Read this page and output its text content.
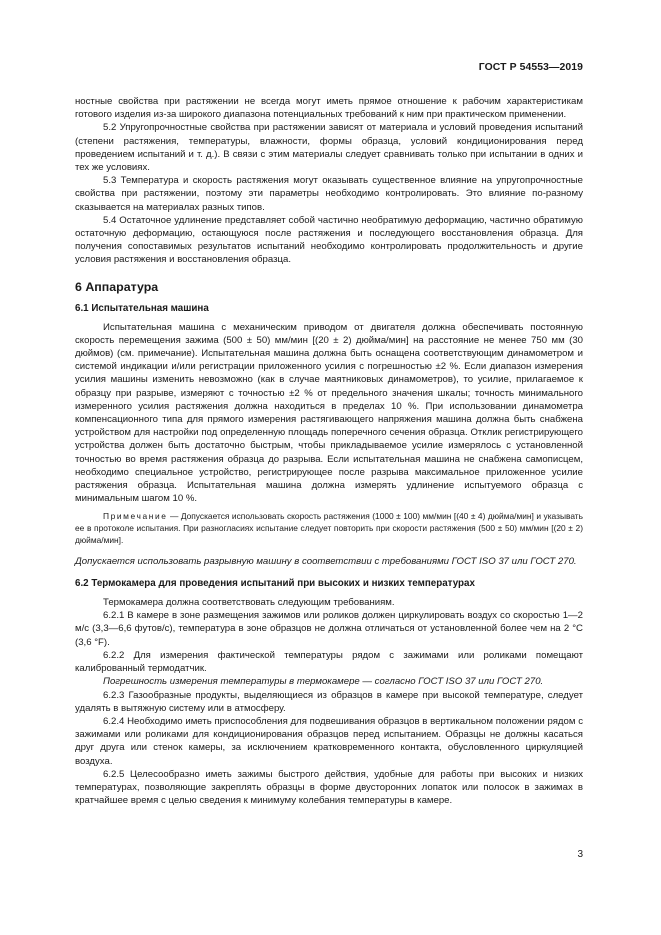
ГОСТ Р 54553—2019

ностные свойства при растяжении не всегда могут иметь прямое отношение к рабочим характеристикам готового изделия из-за широкого диапазона потенциальных требований к ним при практическом применении.

5.2 Упругопрочностные свойства при растяжении зависят от материала и условий проведения испытаний (степени растяжения, температуры, влажности, формы образца, условий кондиционирования перед проведением испытаний и т. д.). В связи с этим материалы следует сравнивать только при испытании в одних и тех же условиях.

5.3 Температура и скорость растяжения могут оказывать существенное влияние на упругопрочностные свойства при растяжении, поэтому эти параметры необходимо контролировать. Это влияние по-разному сказывается на материалах разных типов.

5.4 Остаточное удлинение представляет собой частично необратимую деформацию, частично обратимую остаточную деформацию, остающуюся после растяжения и последующего восстановления образца. Для получения сопоставимых результатов испытаний необходимо контролировать продолжительность и другие условия растяжения и восстановления образца.

6 Аппаратура
6.1 Испытательная машина

Испытательная машина с механическим приводом от двигателя должна обеспечивать постоянную скорость перемещения зажима (500 ± 50) мм/мин [(20 ± 2) дюйма/мин] на расстояние не менее 750 мм (30 дюймов) (см. примечание). Испытательная машина должна быть оснащена соответствующим динамометром и системой индикации и/или регистрации приложенного усилия с погрешностью ±2 %. Если диапазон измерения усилия машины изменить невозможно (как в случае маятниковых динамометров), то усилие, прилагаемое к образцу при разрыве, измеряют с точностью ±2 % от предельного значения шкалы; точность минимального измеренного усилия растяжения должна находиться в пределах 10 %. При использовании динамометра компенсационного типа для прямого измерения растягивающего напряжения машина должна быть снабжена устройством для настройки под определенную площадь поперечного сечения образца. Отклик регистрирующего устройства должен быть достаточно быстрым, чтобы прикладываемое усилие измерялось с установленной точностью во время растяжения образца до разрыва. Если испытательная машина не снабжена самописцем, необходимо специальное устройство, регистрирующее после разрыва максимальное приложенное усилие растяжения образца. Испытательная машина должна измерять удлинение испытуемого образца с минимальным шагом 10 %.

Примечание — Допускается использовать скорость растяжения (1000 ± 100) мм/мин [(40 ± 4) дюйма/мин] и указывать ее в протоколе испытания. При разногласиях испытание следует повторить при скорости растяжения (500 ± 50) мм/мин [(20 ± 2) дюйма/мин].

Допускается использовать разрывную машину в соответствии с требованиями ГОСТ ISO 37 или ГОСТ 270.

6.2 Термокамера для проведения испытаний при высоких и низких температурах

Термокамера должна соответствовать следующим требованиям.

6.2.1 В камере в зоне размещения зажимов или роликов должен циркулировать воздух со скоростью 1—2 м/с (3,3—6,6 футов/с), температура в зоне образцов не должна отличаться от установленной более чем на 2 °С (3,6 °F).

6.2.2 Для измерения фактической температуры рядом с зажимами или роликами помещают калиброванный термодатчик.

Погрешность измерения температуры в термокамере — согласно ГОСТ ISO 37 или ГОСТ 270.

6.2.3 Газообразные продукты, выделяющиеся из образцов в камере при высокой температуре, следует удалять в вытяжную систему или в атмосферу.

6.2.4 Необходимо иметь приспособления для подвешивания образцов в вертикальном положении рядом с зажимами или роликами для кондиционирования образцов перед испытанием. Образцы не должны касаться друг друга или стенок камеры, за исключением кратковременного контакта, обусловленного циркуляцией воздуха.

6.2.5 Целесообразно иметь зажимы быстрого действия, удобные для работы при высоких и низких температурах, позволяющие закреплять образцы в форме двусторонних лопаток или полосок в зажимах в кратчайшее время с целью сведения к минимуму колебания температуры в камере.

3
